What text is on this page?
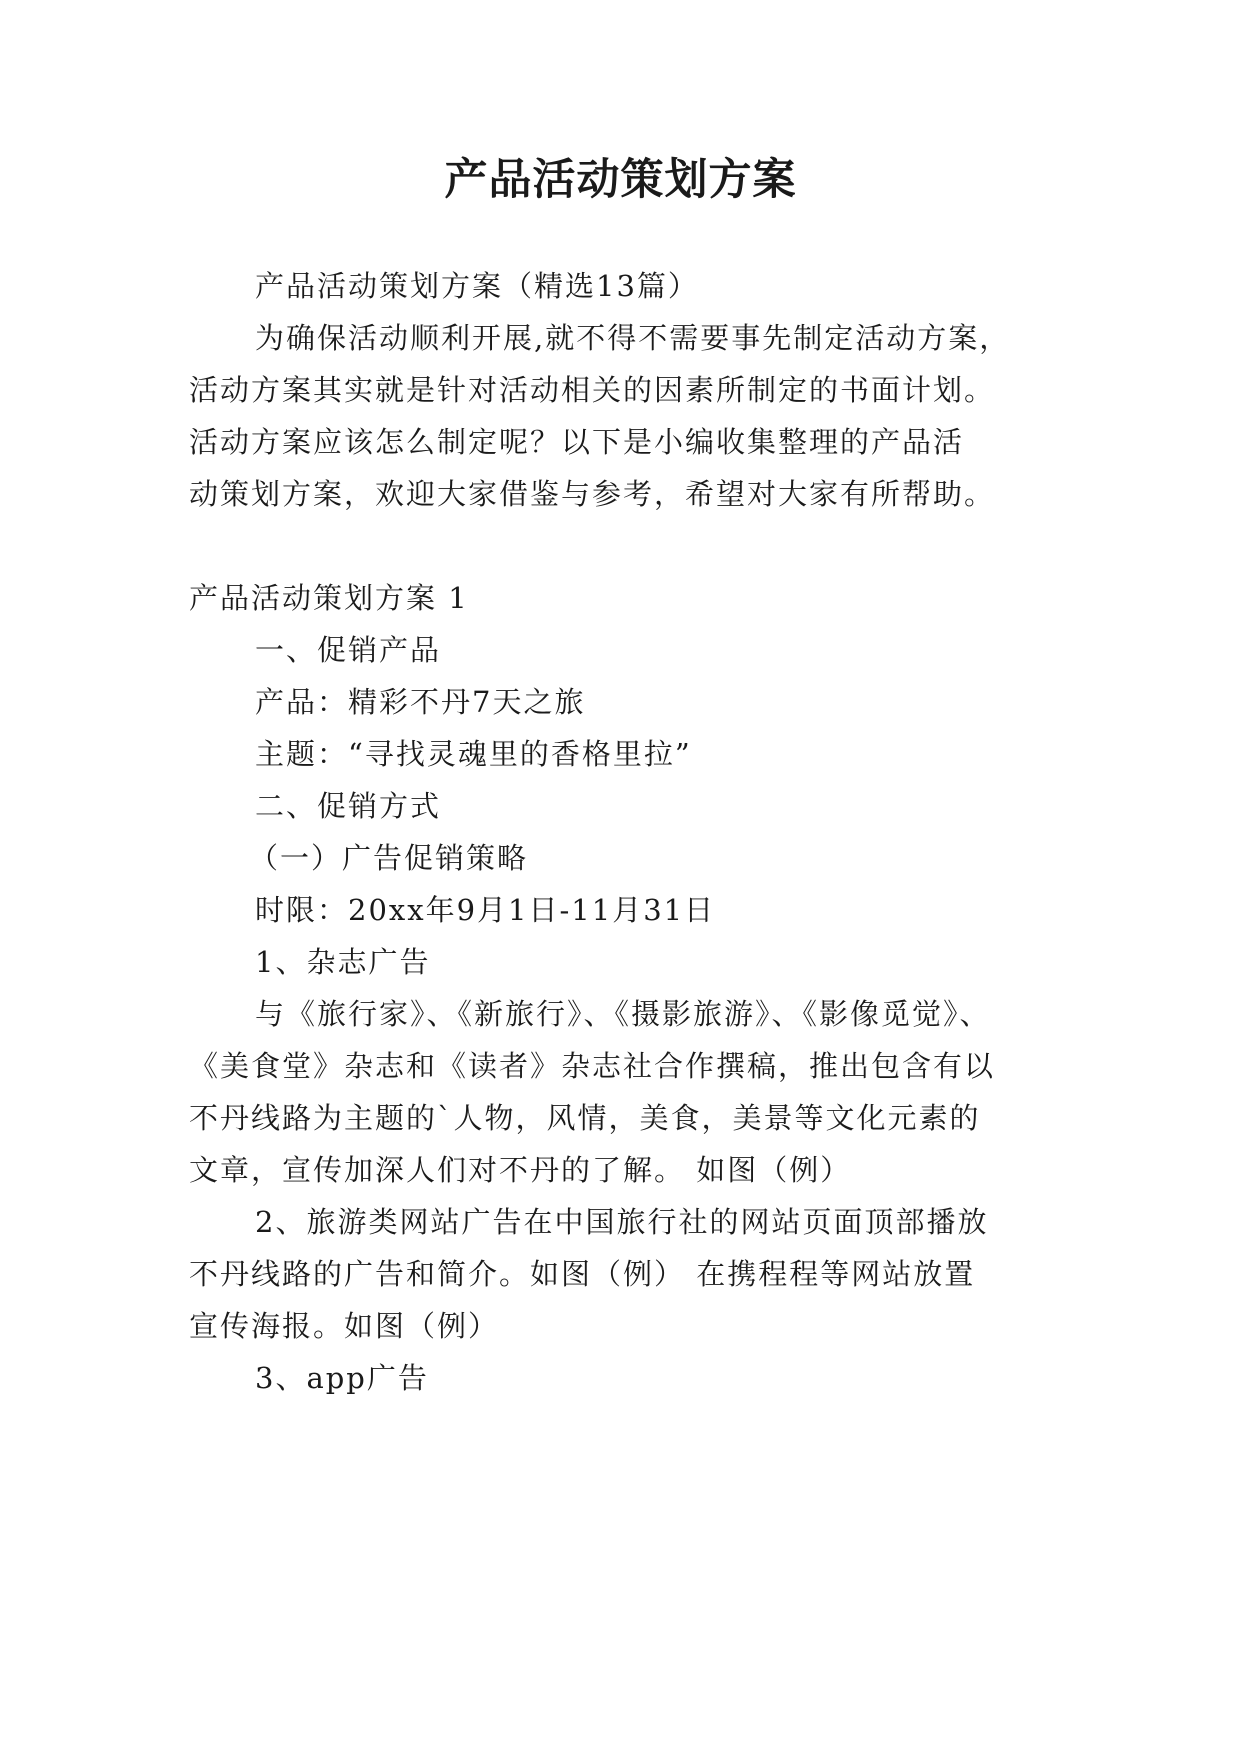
产品活动策划方案

产品活动策划方案（精选13篇）

为确保活动顺利开展,就不得不需要事先制定活动方案，

活动方案其实就是针对活动相关的因素所制定的书面计划。

活动方案应该怎么制定呢？以下是小编收集整理的产品活

动策划方案，欢迎大家借鉴与参考，希望对大家有所帮助。

产品活动策划方案 1

一、促销产品

产品：精彩不丹7天之旅

主题：“寻找灵魂里的香格里拉”

二、促销方式

（一）广告促销策略

时限：20xx年9月1日-11月31日

1、杂志广告

与《旅行家》、《新旅行》、《摄影旅游》、《影像觅觉》、

《美食堂》杂志和《读者》杂志社合作撰稿，推出包含有以

不丹线路为主题的`人物，风情，美食，美景等文化元素的

文章，宣传加深人们对不丹的了解。 如图（例）

2、旅游类网站广告在中国旅行社的网站页面顶部播放

不丹线路的广告和简介。如图（例） 在携程程等网站放置

宣传海报。如图（例）

3、app广告
